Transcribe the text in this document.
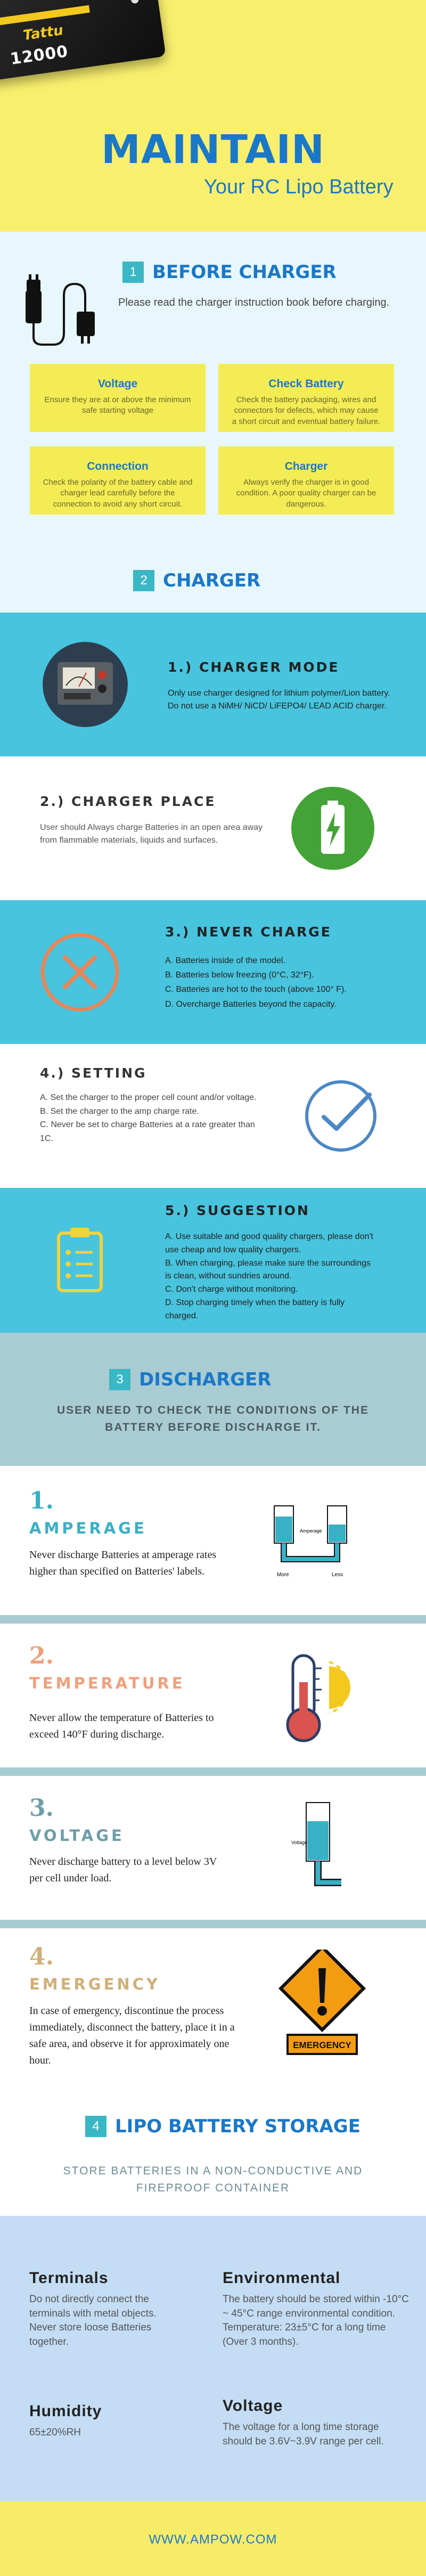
Tattu
12000
MAINTAIN
Your RC Lipo Battery
1 BEFORE CHARGER
Please read the charger instruction book before charging.
Voltage

Ensure they are at or above the minimum safe starting voltage

Check Battery

Check the battery packaging, wires and connectors for defects, which may cause a short circuit and eventual battery failure.

Connection

Check the polarity of the battery cable and charger lead carefully before the connection to avoid any short circuit.

Charger

Always verify the charger is in good condition. A poor quality charger can be dangerous.

2 CHARGER
1.) CHARGER MODE

Only use charger designed for lithium polymer/Lion battery. Do not use a NiMH/ NiCD/ LiFEPO4/ LEAD ACID charger.

2.) CHARGER PLACE

User should Always charge Batteries in an open area away from flammable materials, liquids and surfaces.

3.) NEVER CHARGE
A. Batteries inside of the model.
B. Batteries below freezing (0°C, 32°F).
C. Batteries are hot to the touch (above 100° F).
D. Overcharge Batteries beyond the capacity.
4.) SETTING
A. Set the charger to the proper cell count and/or voltage.
B. Set the charger to the amp charge rate.
C. Never be set to charge Batteries at a rate greater than 1C.
5.) SUGGESTION
A. Use suitable and good quality chargers, please don't use cheap and low quality chargers.
B. When charging, please make sure the surroundings is clean, without sundries around.
C. Don't charge without monitoring.
D. Stop charging timely when the battery is fully charged.
3 DISCHARGER
USER NEED TO CHECK THE CONDITIONS OF THE BATTERY BEFORE DISCHARGE IT.
1.
AMPERAGE

Never discharge Batteries at amperage rates higher than specified on Batteries' labels.	More	Less
Amperage
2.
TEMPERATURE

Never allow the temperature of Batteries to exceed 140°F during discharge.

3.
VOLTAGE

Never discharge battery to a level below 3V per cell under load.

Voltage
4.
EMERGENCY

In case of emergency, discontinue the process immediately, disconnect the battery, place it in a safe area, and observe it for approximately one hour.

EMERGENCY
4 LIPO BATTERY STORAGE
STORE BATTERIES IN A NON-CONDUCTIVE AND FIREPROOF CONTAINER
Terminals

Do not directly connect the terminals with metal objects. Never store loose Batteries together.

Environmental

The battery should be stored within -10°C ~ 45°C range environmental condition. Temperature: 23±5°C for a long time (Over 3 months).

Humidity

65±20%RH

Voltage

The voltage for a long time storage should be 3.6V~3.9V range per cell.

WWW.AMPOW.COM
